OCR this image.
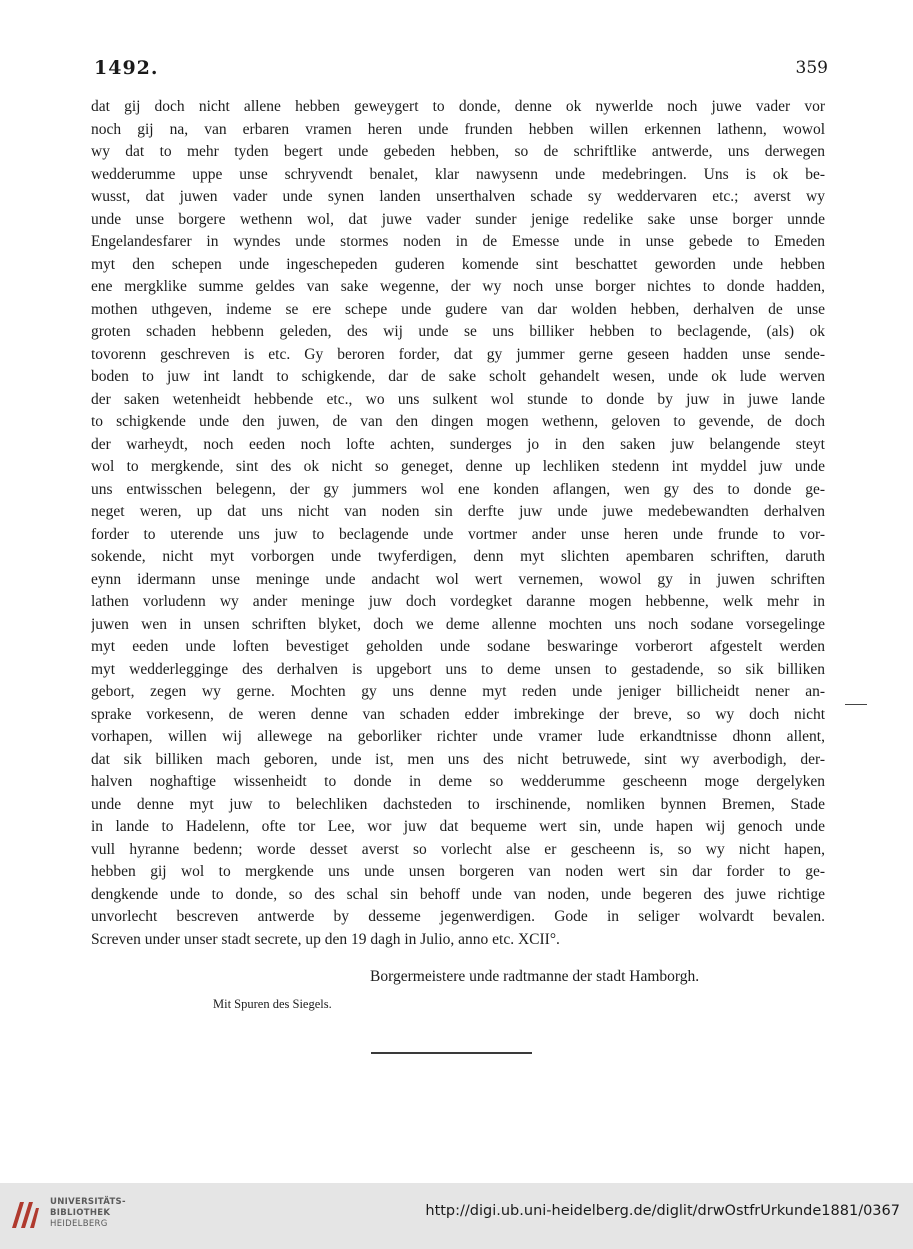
1492.	359
dat gij doch nicht allene hebben geweygert to donde, denne ok nywerlde noch juwe vader vor
noch gij na, van erbaren vramen heren unde frunden hebben willen erkennen lathenn, wowol
wy dat to mehr tyden begert unde gebeden hebben, so de schriftlike antwerde, uns derwegen
wedderumme uppe unse schryvendt benalet, klar nawysenn unde medebringen. Uns is ok be-
wusst, dat juwen vader unde synen landen unserthalven schade sy weddervaren etc.; averst wy
unde unse borgere wethenn wol, dat juwe vader sunder jenige redelike sake unse borger unnde
Engelandesfarer in wyndes unde stormes noden in de Emesse unde in unse gebede to Emeden
myt den schepen unde ingeschepeden guderen komende sint beschattet geworden unde hebben
ene mergklike summe geldes van sake wegenne, der wy noch unse borger nichtes to donde hadden,
mothen uthgeven, indeme se ere schepe unde gudere van dar wolden hebben, derhalven de unse
groten schaden hebbenn geleden, des wij unde se uns billiker hebben to beclagende, (als) ok
tovorenn geschreven is etc. Gy beroren forder, dat gy jummer gerne geseen hadden unse sende-
boden to juw int landt to schigkende, dar de sake scholt gehandelt wesen, unde ok lude werven
der saken wetenheidt hebbende etc., wo uns sulkent wol stunde to donde by juw in juwe lande
to schigkende unde den juwen, de van den dingen mogen wethenn, geloven to gevende, de doch
der warheydt, noch eeden noch lofte achten, sunderges jo in den saken juw belangende steyt
wol to mergkende, sint des ok nicht so geneget, denne up lechliken stedenn int myddel juw unde
uns entwisschen belegenn, der gy jummers wol ene konden aflangen, wen gy des to donde ge-
neget weren, up dat uns nicht van noden sin derfte juw unde juwe medebewandten derhalven
forder to uterende uns juw to beclagende unde vortmer ander unse heren unde frunde to vor-
sokende, nicht myt vorborgen unde twyferdigen, denn myt slichten apembaren schriften, daruth
eynn idermann unse meninge unde andacht wol wert vernemen, wowol gy in juwen schriften
lathen vorludenn wy ander meninge juw doch vordegket daranne mogen hebbenne, welk mehr in
juwen wen in unsen schriften blyket, doch we deme allenne mochten uns noch sodane vorsegelinge
myt eeden unde loften bevestiget geholden unde sodane beswaringe vorberort afgestelt werden
myt wedderlegginge des derhalven is upgebort uns to deme unsen to gestadende, so sik billiken
gebort, zegen wy gerne. Mochten gy uns denne myt reden unde jeniger billicheidt nener an-
sprake vorkesenn, de weren denne van schaden edder imbrekinge der breve, so wy doch nicht
vorhapen, willen wij allewege na geborliker richter unde vramer lude erkandtnisse dhonn allent,
dat sik billiken mach geboren, unde ist, men uns des nicht betruwede, sint wy averbodigh, der-
halven noghaftige wissenheidt to donde in deme so wedderumme gescheenn moge dergelyken
unde denne myt juw to belechliken dachsteden to irschinende, nomliken bynnen Bremen, Stade
in lande to Hadelenn, ofte tor Lee, wor juw dat bequeme wert sin, unde hapen wij genoch unde
vull hyranne bedenn; worde desset averst so vorlecht alse er gescheenn is, so wy nicht hapen,
hebben gij wol to mergkende uns unde unsen borgeren van noden wert sin dar forder to ge-
dengkende unde to donde, so des schal sin behoff unde van noden, unde begeren des juwe richtige
unvorlecht bescreven antwerde by desseme jegenwerdigen. Gode in seliger wolvardt bevalen.
Screven under unser stadt secrete, up den 19 dagh in Julio, anno etc. XCII°.
Borgermeistere unde radtmanne der stadt Hamborgh.
Mit Spuren des Siegels.
UNIVERSITÄTS-
BIBLIOTHEK
HEIDELBERG
http://digi.ub.uni-heidelberg.de/diglit/drwOstfrUrkunde1881/0367
